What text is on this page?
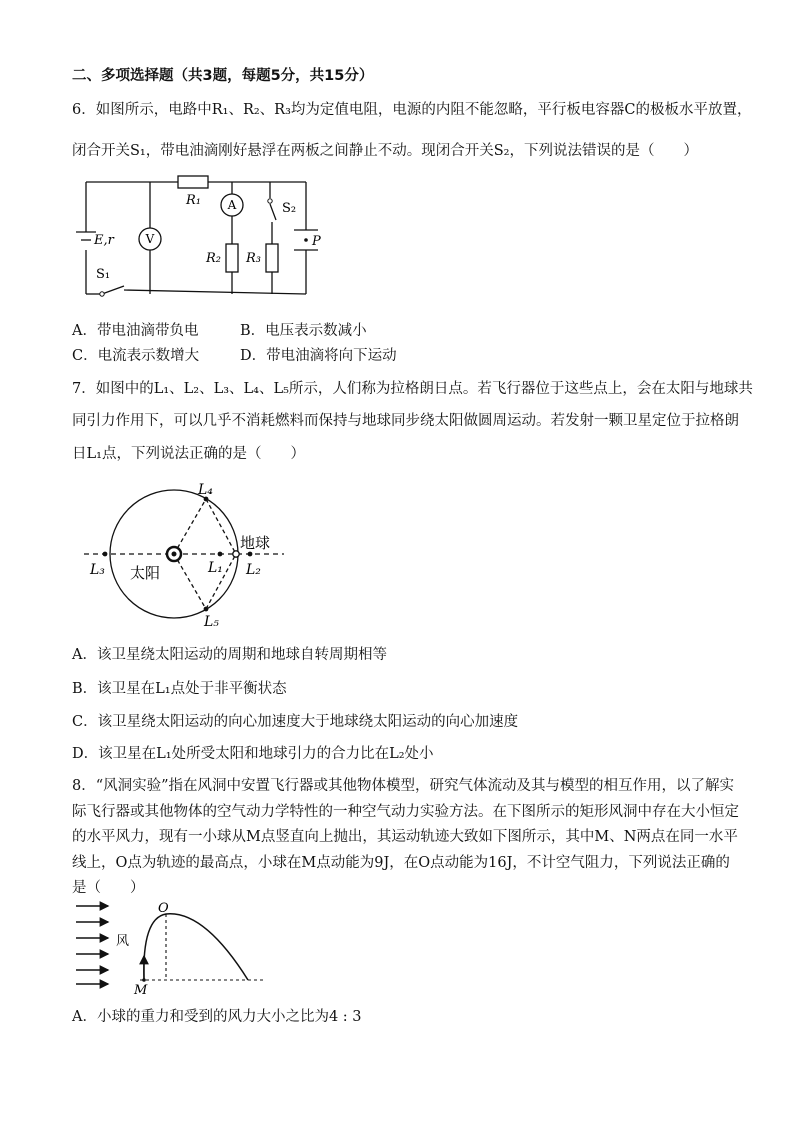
二、多项选择题（共3题，每题5分，共15分）
6．如图所示，电路中R₁、R₂、R₃均为定值电阻，电源的内阻不能忽略，平行板电容器C的极板水平放置，
闭合开关S₁，带电油滴刚好悬浮在两板之间静止不动。现闭合开关S₂，下列说法错误的是（　　）
E,r
S₁
R₁
R₂ R₃
S₂
P
V
A
A．带电油滴带负电	B．电压表示数减小
C．电流表示数增大	D．带电油滴将向下运动
7．如图中的L₁、L₂、L₃、L₄、L₅所示，人们称为拉格朗日点。若飞行器位于这些点上，会在太阳与地球共
同引力作用下，可以几乎不消耗燃料而保持与地球同步绕太阳做圆周运动。若发射一颗卫星定位于拉格朗
日L₁点，下列说法正确的是（　　）
太阳
地球
L₁ L₂
L₃
L₄
L₅
A．该卫星绕太阳运动的周期和地球自转周期相等
B．该卫星在L₁点处于非平衡状态
C．该卫星绕太阳运动的向心加速度大于地球绕太阳运动的向心加速度
D．该卫星在L₁处所受太阳和地球引力的合力比在L₂处小
8．“风洞实验”指在风洞中安置飞行器或其他物体模型，研究气体流动及其与模型的相互作用，以了解实
际飞行器或其他物体的空气动力学特性的一种空气动力实验方法。在下图所示的矩形风洞中存在大小恒定
的水平风力，现有一小球从M点竖直向上抛出，其运动轨迹大致如下图所示，其中M、N两点在同一水平
线上，O点为轨迹的最高点，小球在M点动能为9J，在O点动能为16J，不计空气阻力，下列说法正确的
是（　　）
O
M
风
A．小球的重力和受到的风力大小之比为4 : 3
